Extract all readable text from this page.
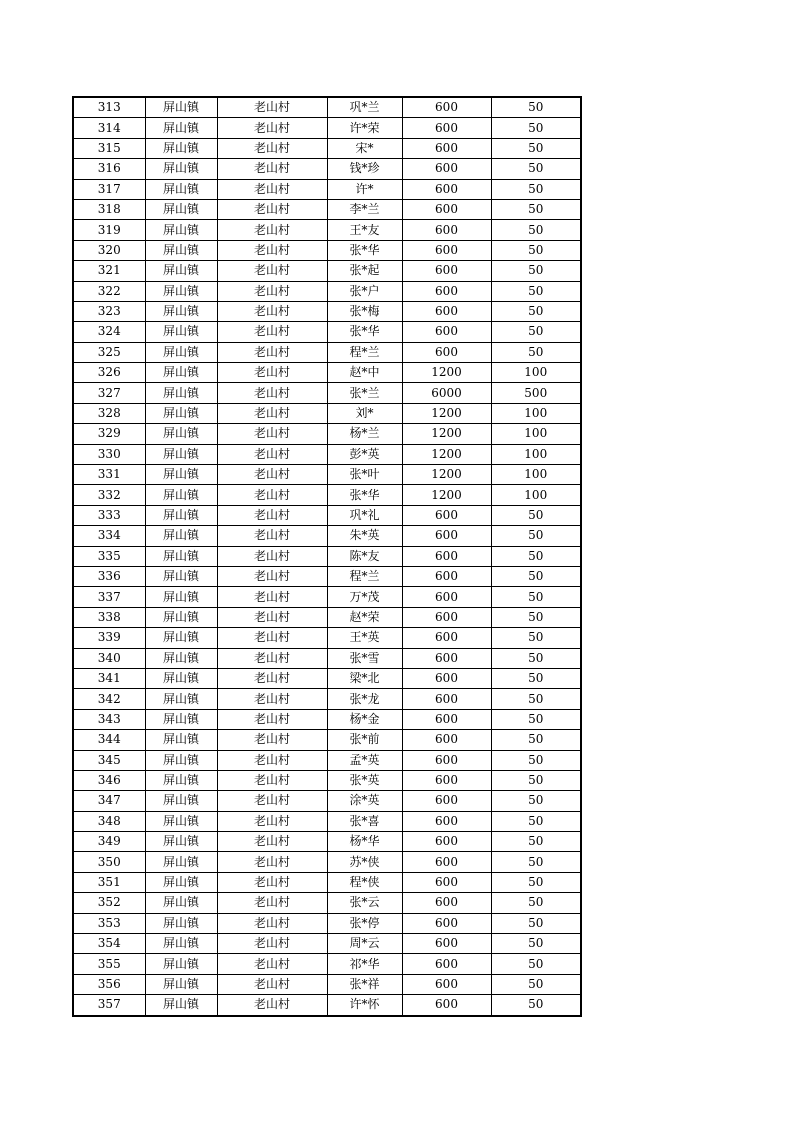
313	屏山镇	老山村	巩*兰	600	50
314	屏山镇	老山村	许*荣	600	50
315	屏山镇	老山村	宋*	600	50
316	屏山镇	老山村	钱*珍	600	50
317	屏山镇	老山村	许*	600	50
318	屏山镇	老山村	李*兰	600	50
319	屏山镇	老山村	王*友	600	50
320	屏山镇	老山村	张*华	600	50
321	屏山镇	老山村	张*起	600	50
322	屏山镇	老山村	张*户	600	50
323	屏山镇	老山村	张*梅	600	50
324	屏山镇	老山村	张*华	600	50
325	屏山镇	老山村	程*兰	600	50
326	屏山镇	老山村	赵*中	1200	100
327	屏山镇	老山村	张*兰	6000	500
328	屏山镇	老山村	刘*	1200	100
329	屏山镇	老山村	杨*兰	1200	100
330	屏山镇	老山村	彭*英	1200	100
331	屏山镇	老山村	张*叶	1200	100
332	屏山镇	老山村	张*华	1200	100
333	屏山镇	老山村	巩*礼	600	50
334	屏山镇	老山村	朱*英	600	50
335	屏山镇	老山村	陈*友	600	50
336	屏山镇	老山村	程*兰	600	50
337	屏山镇	老山村	万*茂	600	50
338	屏山镇	老山村	赵*荣	600	50
339	屏山镇	老山村	王*英	600	50
340	屏山镇	老山村	张*雪	600	50
341	屏山镇	老山村	梁*北	600	50
342	屏山镇	老山村	张*龙	600	50
343	屏山镇	老山村	杨*金	600	50
344	屏山镇	老山村	张*前	600	50
345	屏山镇	老山村	孟*英	600	50
346	屏山镇	老山村	张*英	600	50
347	屏山镇	老山村	涂*英	600	50
348	屏山镇	老山村	张*喜	600	50
349	屏山镇	老山村	杨*华	600	50
350	屏山镇	老山村	苏*侠	600	50
351	屏山镇	老山村	程*侠	600	50
352	屏山镇	老山村	张*云	600	50
353	屏山镇	老山村	张*停	600	50
354	屏山镇	老山村	周*云	600	50
355	屏山镇	老山村	祁*华	600	50
356	屏山镇	老山村	张*祥	600	50
357	屏山镇	老山村	许*怀	600	50
